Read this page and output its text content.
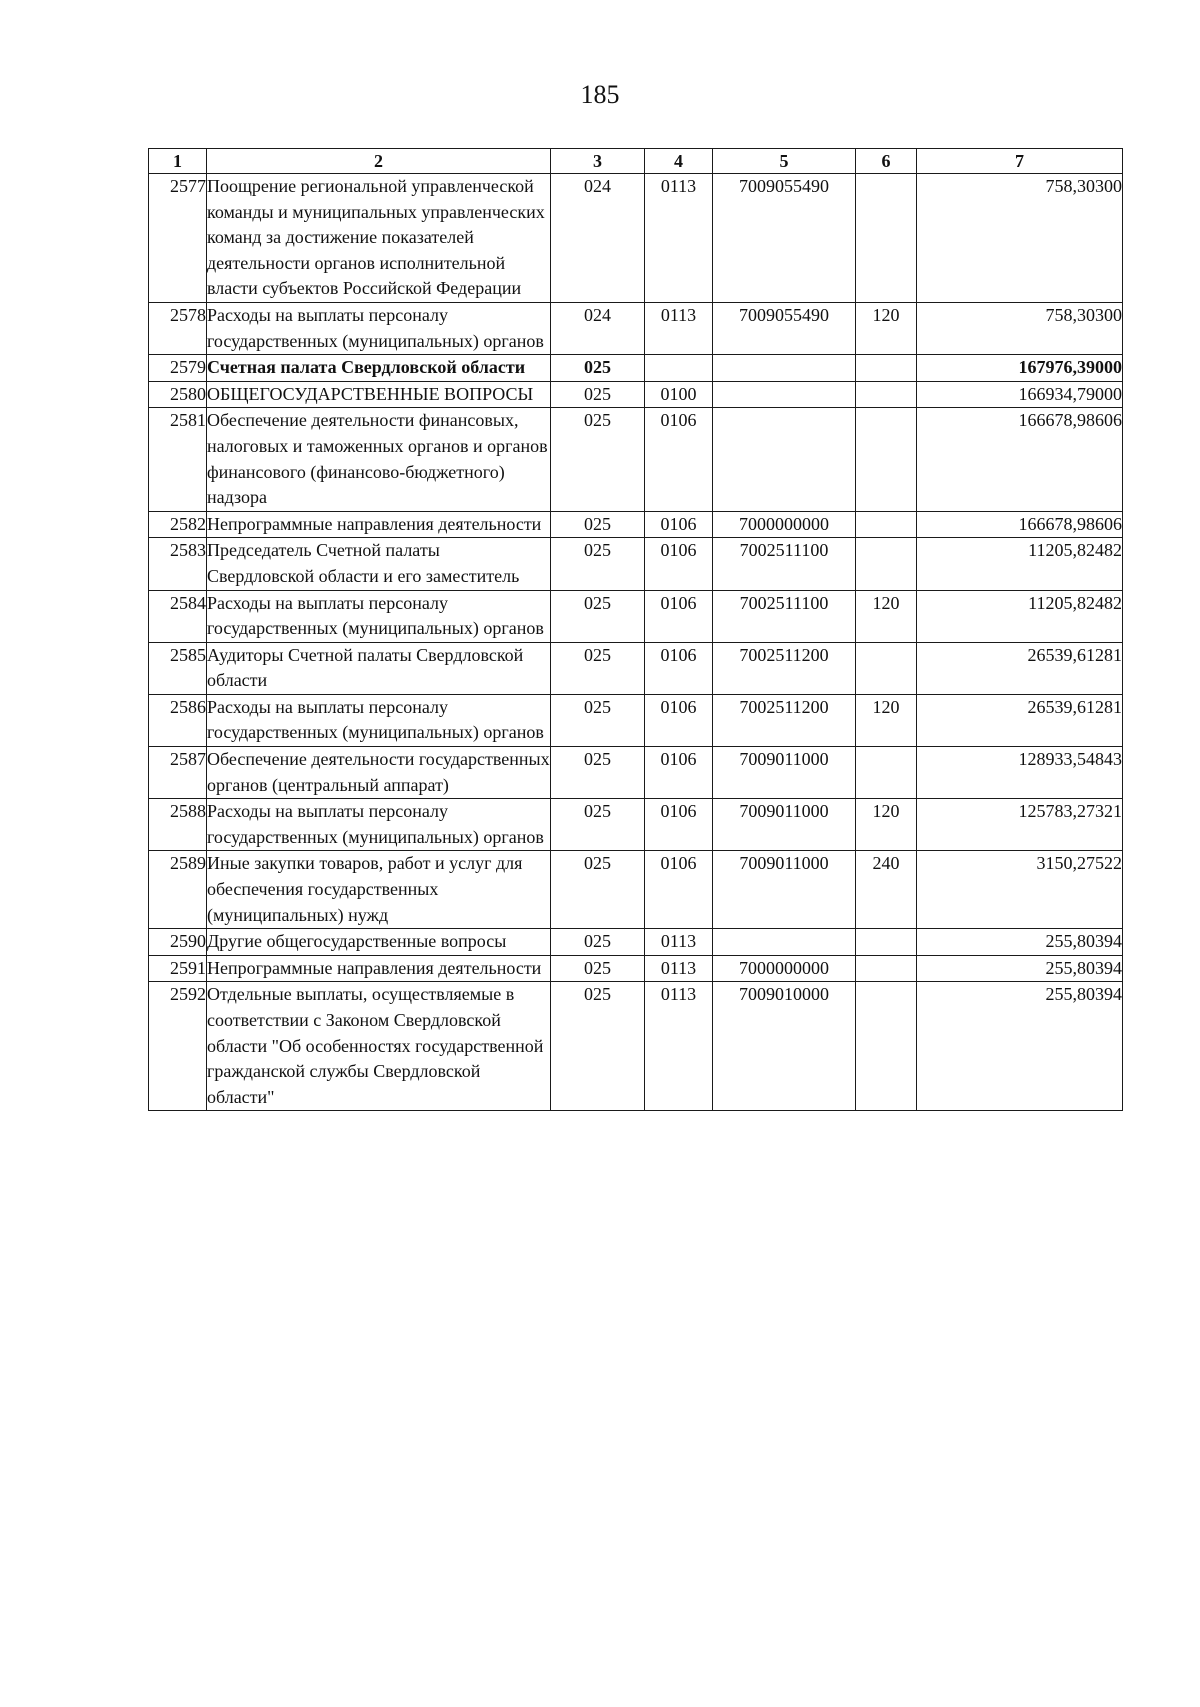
185
1	2	3	4	5	6	7
2577	Поощрение региональной управленческой команды и муниципальных управленческих команд за достижение показателей деятельности органов исполнительной власти субъектов Российской Федерации	024	0113	7009055490		758,30300
2578	Расходы на выплаты персоналу государственных (муниципальных) органов	024	0113	7009055490	120	758,30300
2579	Счетная палата Свердловской области	025				167976,39000
2580	ОБЩЕГОСУДАРСТВЕННЫЕ ВОПРОСЫ	025	0100			166934,79000
2581	Обеспечение деятельности финансовых, налоговых и таможенных органов и органов финансового (финансово-бюджетного) надзора	025	0106			166678,98606
2582	Непрограммные направления деятельности	025	0106	7000000000		166678,98606
2583	Председатель Счетной палаты Свердловской области и его заместитель	025	0106	7002511100		11205,82482
2584	Расходы на выплаты персоналу государственных (муниципальных) органов	025	0106	7002511100	120	11205,82482
2585	Аудиторы Счетной палаты Свердловской области	025	0106	7002511200		26539,61281
2586	Расходы на выплаты персоналу государственных (муниципальных) органов	025	0106	7002511200	120	26539,61281
2587	Обеспечение деятельности государственных органов (центральный аппарат)	025	0106	7009011000		128933,54843
2588	Расходы на выплаты персоналу государственных (муниципальных) органов	025	0106	7009011000	120	125783,27321
2589	Иные закупки товаров, работ и услуг для обеспечения государственных (муниципальных) нужд	025	0106	7009011000	240	3150,27522
2590	Другие общегосударственные вопросы	025	0113			255,80394
2591	Непрограммные направления деятельности	025	0113	7000000000		255,80394
2592	Отдельные выплаты, осуществляемые в соответствии с Законом Свердловской области "Об особенностях государственной гражданской службы Свердловской области"	025	0113	7009010000		255,80394
